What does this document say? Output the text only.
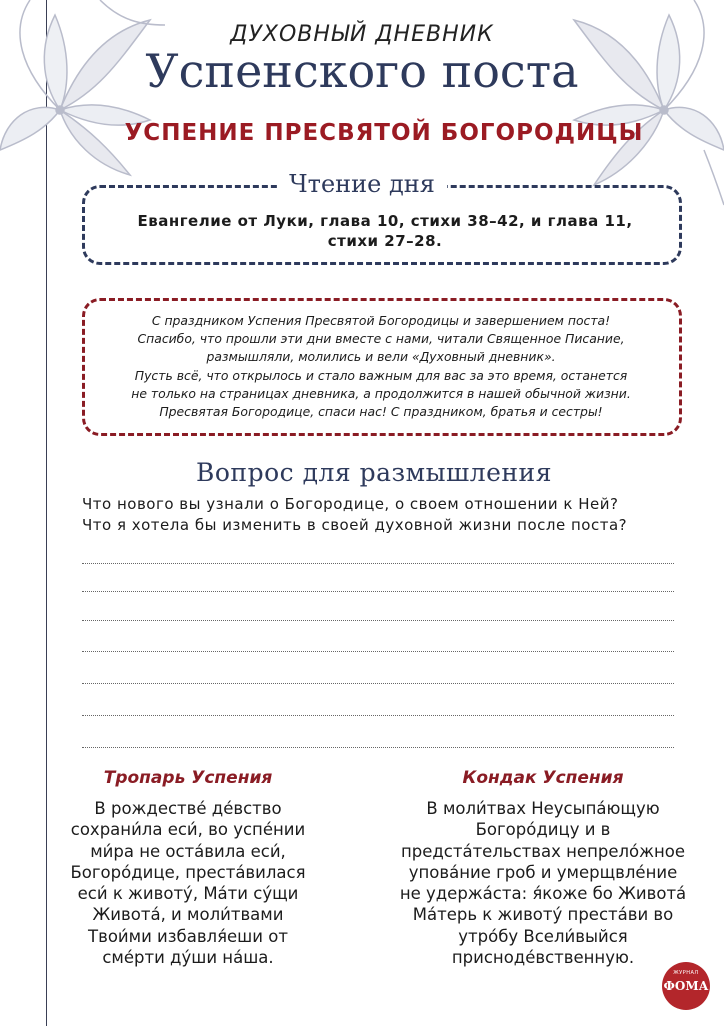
ДУХОВНЫЙ ДНЕВНИК
Успенского поста
УСПЕНИЕ ПРЕСВЯТОЙ БОГОРОДИЦЫ
Чтение дня
Евангелие от Луки, глава 10, стихи 38–42, и глава 11,
стихи 27–28.
С праздником Успения Пресвятой Богородицы и завершением поста!
Спасибо, что прошли эти дни вместе с нами, читали Священное Писание,
размышляли, молились и вели «Духовный дневник».
Пусть всё, что открылось и стало важным для вас за это время, останется
не только на страницах дневника, а продолжится в нашей обычной жизни.
Пресвятая Богородице, спаси нас! С праздником, братья и сестры!
Вопрос для размышления
Что нового вы узнали о Богородице, о своем отношении к Ней?
Что я хотела бы изменить в своей духовной жизни после поста?
Тропарь Успения
В рождестве́ де́вство
сохрани́ла еси́, во успе́нии
ми́ра не оста́вила еси́,
Богоро́дице, преста́вилася
еси́ к животу́, Ма́ти су́щи
Живота́, и моли́твами
Твои́ми избавля́еши от
сме́рти ду́ши на́ша.
Кондак Успения
В моли́твах Неусыпа́ющую
Богоро́дицу и в
предста́тельствах непрело́жное
упова́ние гроб и умерщвле́ние
не удержа́ста: я́коже бо Живота́
Ма́терь к животу́ преста́ви во
утро́бу Всели́выйся
присноде́вственную.
ЖУРНАЛ
ФОМА
